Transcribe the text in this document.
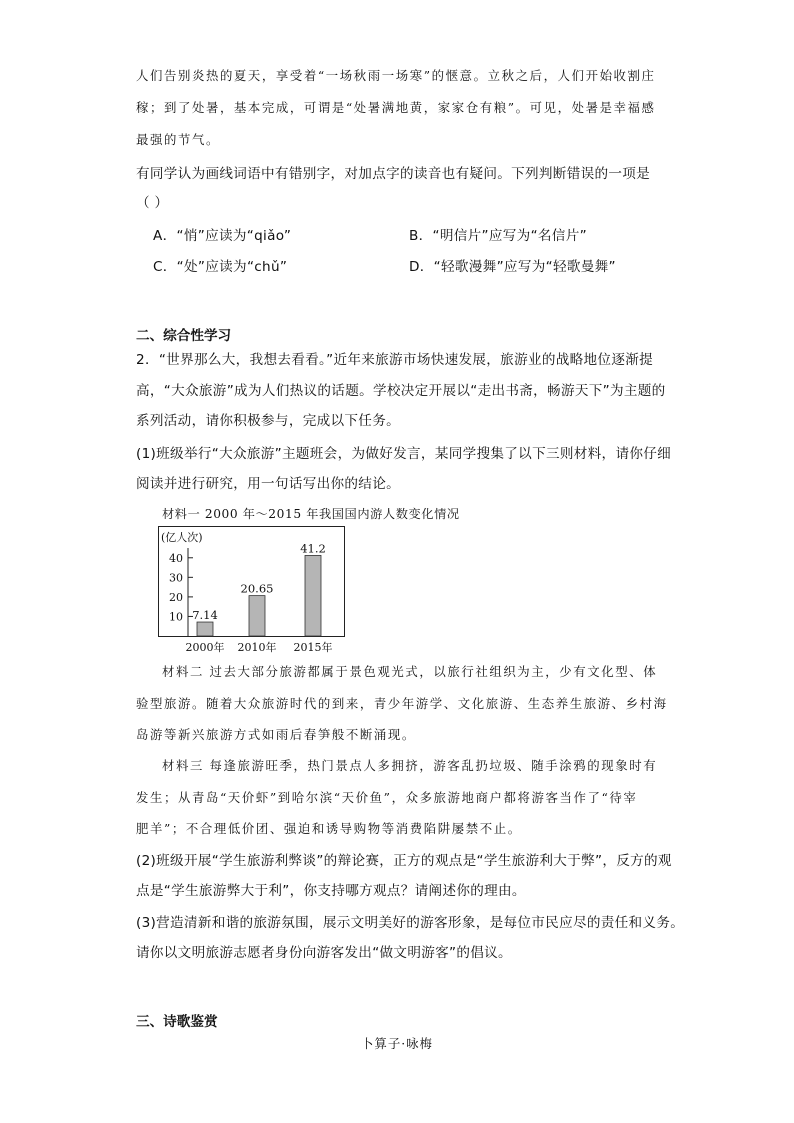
人们告别炎热的夏天，享受着“一场秋雨一场寒”的惬意。立秋之后，人们开始收割庄
稼；到了处暑，基本完成，可谓是“处暑满地黄，家家仓有粮”。可见，处暑是幸福感
最强的节气。
有同学认为画线词语中有错别字，对加点字的读音也有疑问。下列判断错误的一项是
（ ）
A．“悄”应读为“qiǎo”	B．“明信片”应写为“名信片”
C．“处”应读为“chǔ”	D．“轻歌漫舞”应写为“轻歌曼舞”
二、综合性学习
2．“世界那么大，我想去看看。”近年来旅游市场快速发展，旅游业的战略地位逐渐提
高，“大众旅游”成为人们热议的话题。学校决定开展以“走出书斋，畅游天下”为主题的
系列活动，请你积极参与，完成以下任务。
(1)班级举行“大众旅游”主题班会，为做好发言，某同学搜集了以下三则材料，请你仔细
阅读并进行研究，用一句话写出你的结论。
材料一 2000 年～2015 年我国国内游人数变化情况
(亿人次)
10
20
30
40
7.14
2000年
20.65
2010年
41.2
2015年
材料二 过去大部分旅游都属于景色观光式，以旅行社组织为主，少有文化型、体
验型旅游。随着大众旅游时代的到来，青少年游学、文化旅游、生态养生旅游、乡村海
岛游等新兴旅游方式如雨后春笋般不断涌现。
材料三 每逢旅游旺季，热门景点人多拥挤，游客乱扔垃圾、随手涂鸦的现象时有
发生；从青岛“天价虾”到哈尔滨“天价鱼”，众多旅游地商户都将游客当作了“待宰
肥羊”；不合理低价团、强迫和诱导购物等消费陷阱屡禁不止。
(2)班级开展“学生旅游利弊谈”的辩论赛，正方的观点是“学生旅游利大于弊”，反方的观
点是“学生旅游弊大于利”，你支持哪方观点？请阐述你的理由。
(3)营造清新和谐的旅游氛围，展示文明美好的游客形象，是每位市民应尽的责任和义务。
请你以文明旅游志愿者身份向游客发出“做文明游客”的倡议。
三、诗歌鉴赏
卜算子·咏梅
